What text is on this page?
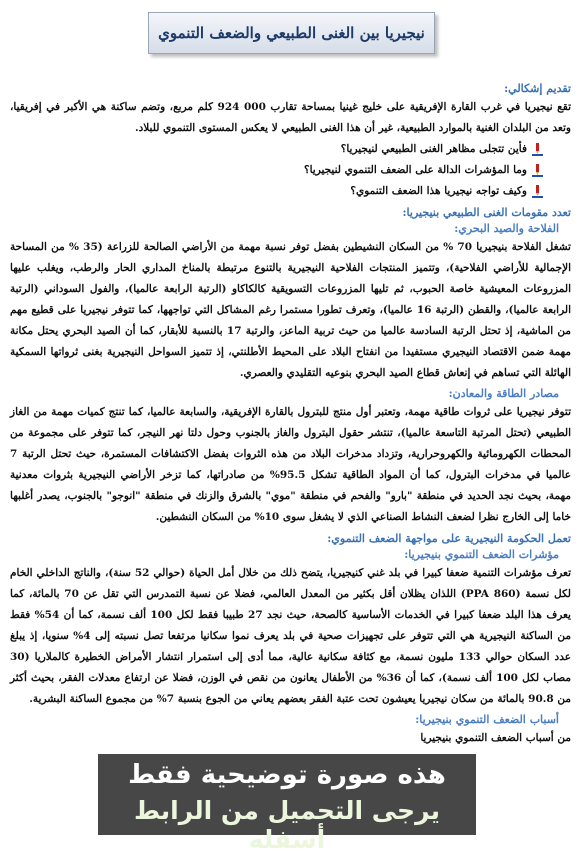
نيجيريا بين الغنى الطبيعي والضعف التنموي
تقديم إشكالي:

تقع نيجيريا في غرب القارة الإفريقية على خليج غينيا بمساحة تقارب 000 924 كلم مربع، وتضم ساكنة هي الأكبر في إفريقيا، وتعد من البلدان الغنية بالموارد الطبيعية، غير أن هذا الغنى الطبيعي لا يعكس المستوى التنموي للبلاد.

فأين تتجلى مظاهر الغنى الطبيعي لنيجيريا؟
وما المؤشرات الدالة على الضعف التنموي لنيجيريا؟
وكيف تواجه نيجيريا هذا الضعف التنموي؟
تعدد مقومات الغنى الطبيعي بنيجيريا:
الفلاحة والصيد البحري:

تشغل الفلاحة بنيجيريا 70 % من السكان النشيطين بفضل توفر نسبة مهمة من الأراضي الصالحة للزراعة (35 % من المساحة الإجمالية للأراضي الفلاحية)، وتتميز المنتجات الفلاحية النيجيرية بالتنوع مرتبطة بالمناخ المداري الحار والرطب، ويغلب عليها المزروعات المعيشية خاصة الحبوب، ثم تليها المزروعات التسويقية كالكاكاو (الرتبة الرابعة عالميا)، والفول السوداني (الرتبة الرابعة عالميا)، والقطن (الرتبة 16 عالميا)، وتعرف تطورا مستمرا رغم المشاكل التي تواجهها، كما تتوفر نيجيريا على قطيع مهم من الماشية، إذ تحتل الرتبة السادسة عالميا من حيث تربية الماعز، والرتبة 17 بالنسبة للأبقار، كما أن الصيد البحري يحتل مكانة مهمة ضمن الاقتصاد النيجيري مستفيدا من انفتاح البلاد على المحيط الأطلنتي، إذ تتميز السواحل النيجيرية بغنى ثرواتها السمكية الهائلة التي تساهم في إنعاش قطاع الصيد البحري بنوعيه التقليدي والعصري.

مصادر الطاقة والمعادن:

تتوفر نيجيريا على ثروات طاقية مهمة، وتعتبر أول منتج للبترول بالقارة الإفريقية، والسابعة عالميا، كما تنتج كميات مهمة من الغاز الطبيعي (تحتل المرتبة التاسعة عالميا)، تنتشر حقول البترول والغاز بالجنوب وحول دلتا نهر النيجر، كما تتوفر على مجموعة من المحطات الكهرومائية والكهروحرارية، وتزداد مدخرات البلاد من هذه الثروات بفضل الاكتشافات المستمرة، حيث تحتل الرتبة 7 عالميا في مدخرات البترول، كما أن المواد الطاقية تشكل 95.5% من صادراتها، كما تزخر الأراضي النيجيرية بثروات معدنية مهمة، بحيث نجد الحديد في منطقة "بارو" والفحم في منطقة "موي" بالشرق والزنك في منطقة "انوجو" بالجنوب، يصدر أغلبها خاما إلى الخارج نظرا لضعف النشاط الصناعي الذي لا يشغل سوى 10% من السكان النشطين.

تعمل الحكومة النيجيرية على مواجهة الضعف التنموي:
مؤشرات الضعف التنموي بنيجيريا:

تعرف مؤشرات التنمية ضعفا كبيرا في بلد غني كنيجيريا، يتضح ذلك من خلال أمل الحياة (حوالي 52 سنة)، والناتج الداخلي الخام لكل نسمة (860 PPA) اللذان يظلان أقل بكثير من المعدل العالمي، فضلا عن نسبة التمدرس التي تقل عن 70 بالمائة، كما يعرف هذا البلد ضعفا كبيرا في الخدمات الأساسية كالصحة، حيث نجد 27 طبيبا فقط لكل 100 ألف نسمة، كما أن 54% فقط من الساكنة النيجيرية هي التي تتوفر على تجهيزات صحية في بلد يعرف نموا سكانيا مرتفعا تصل نسبته إلى 4% سنويا، إذ يبلغ عدد السكان حوالي 133 مليون نسمة، مع كثافة سكانية عالية، مما أدى إلى استمرار انتشار الأمراض الخطيرة كالملاريا (30 مصاب لكل 100 ألف نسمة)، كما أن 36% من الأطفال يعانون من نقص في الوزن، فضلا عن ارتفاع معدلات الفقر، بحيث أكثر من 90.8 بالمائة من سكان نيجيريا يعيشون تحت عتبة الفقر بعضهم يعاني من الجوع بنسبة 7% من مجموع الساكنة البشرية.

أسباب الضعف التنموي بنيجيريا:

من أسباب الضعف التنموي بنيجيريا

هذه صورة توضيحية فقط
يرجى التحميل من الرابط أسفله
